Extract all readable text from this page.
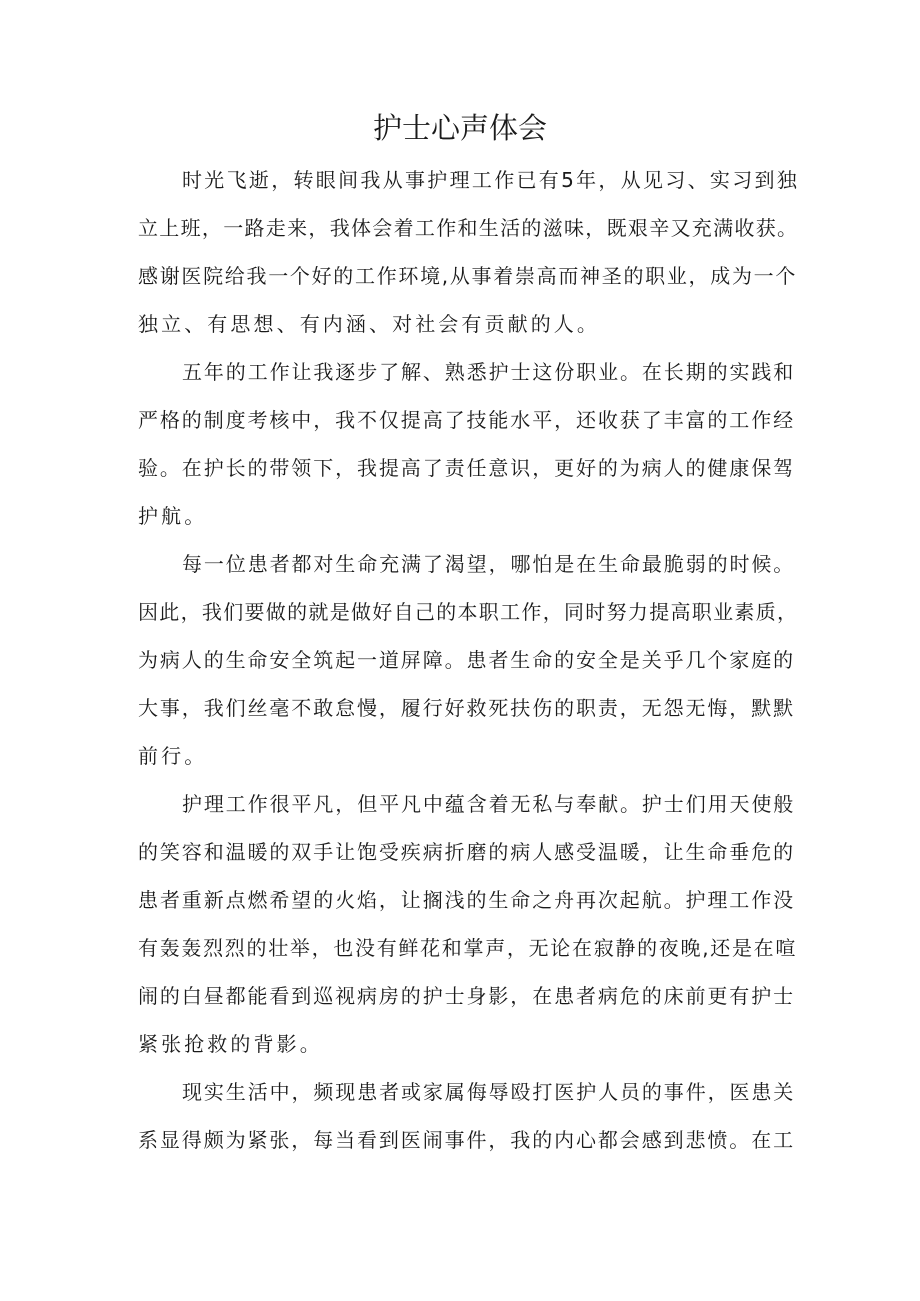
护士心声体会
时光飞逝，转眼间我从事护理工作已有5年，从见习、实习到独
立上班，一路走来，我体会着工作和生活的滋味，既艰辛又充满收获。
感谢医院给我一个好的工作环境,从事着崇高而神圣的职业，成为一个
独立、有思想、有内涵、对社会有贡献的人。
五年的工作让我逐步了解、熟悉护士这份职业。在长期的实践和
严格的制度考核中，我不仅提高了技能水平，还收获了丰富的工作经
验。在护长的带领下，我提高了责任意识，更好的为病人的健康保驾
护航。
每一位患者都对生命充满了渴望，哪怕是在生命最脆弱的时候。
因此，我们要做的就是做好自己的本职工作，同时努力提高职业素质，
为病人的生命安全筑起一道屏障。患者生命的安全是关乎几个家庭的
大事，我们丝毫不敢怠慢，履行好救死扶伤的职责，无怨无悔，默默
前行。
护理工作很平凡，但平凡中蕴含着无私与奉献。护士们用天使般
的笑容和温暖的双手让饱受疾病折磨的病人感受温暖，让生命垂危的
患者重新点燃希望的火焰，让搁浅的生命之舟再次起航。护理工作没
有轰轰烈烈的壮举，也没有鲜花和掌声，无论在寂静的夜晚,还是在喧
闹的白昼都能看到巡视病房的护士身影，在患者病危的床前更有护士
紧张抢救的背影。
现实生活中，频现患者或家属侮辱殴打医护人员的事件，医患关
系显得颇为紧张，每当看到医闹事件，我的内心都会感到悲愤。在工
